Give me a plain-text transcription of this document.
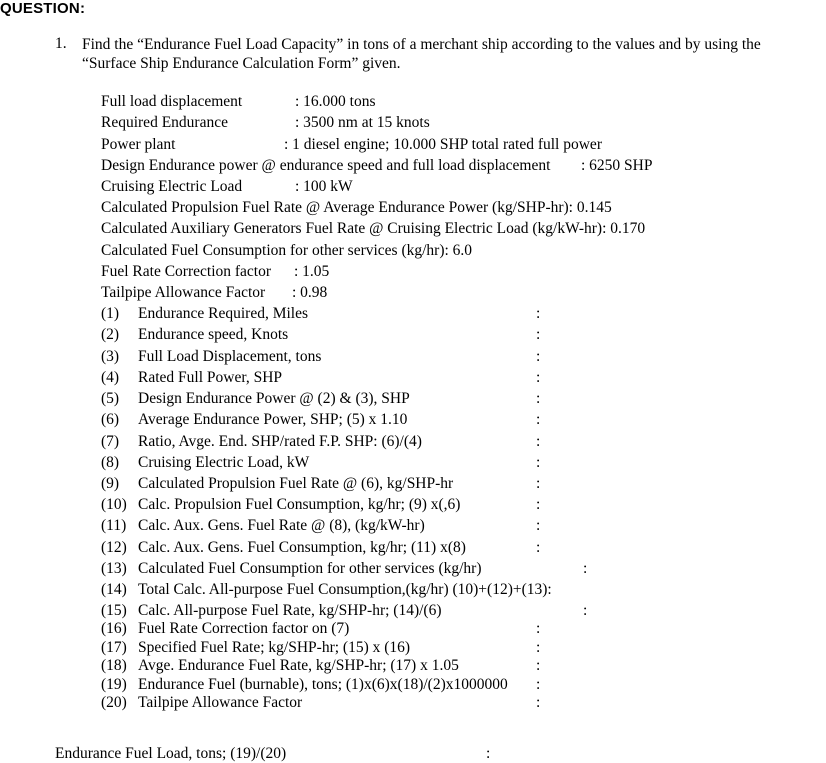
QUESTION:
1. Find the “Endurance Fuel Load Capacity” in tons of a merchant ship according to the values and by using the “Surface Ship Endurance Calculation Form” given.
Full load displacement	: 16.000 tons
Required Endurance	: 3500 nm at 15 knots
Power plant	: 1 diesel engine; 10.000 SHP total rated full power
Design Endurance power @ endurance speed and full load displacement : 6250 SHP
Cruising Electric Load	: 100 kW
Calculated Propulsion Fuel Rate @ Average Endurance Power (kg/SHP-hr): 0.145
Calculated Auxiliary Generators Fuel Rate @ Cruising Electric Load (kg/kW-hr): 0.170
Calculated Fuel Consumption for other services (kg/hr): 6.0
Fuel Rate Correction factor : 1.05
Tailpipe Allowance Factor : 0.98
(1) Endurance Required, Miles	:
(2) Endurance speed, Knots	:
(3) Full Load Displacement, tons	:
(4) Rated Full Power, SHP	:
(5) Design Endurance Power @ (2) & (3), SHP	:
(6) Average Endurance Power, SHP; (5) x 1.10	:
(7) Ratio, Avge. End. SHP/rated F.P. SHP: (6)/(4)	:
(8) Cruising Electric Load, kW	:
(9) Calculated Propulsion Fuel Rate @ (6), kg/SHP-hr	:
(10) Calc. Propulsion Fuel Consumption, kg/hr; (9) x(,6)	:
(11) Calc. Aux. Gens. Fuel Rate @ (8), (kg/kW-hr)	:
(12) Calc. Aux. Gens. Fuel Consumption, kg/hr; (11) x(8)	:
(13) Calculated Fuel Consumption for other services (kg/hr)	:
(14) Total Calc. All-purpose Fuel Consumption,(kg/hr) (10)+(12)+(13):
(15) Calc. All-purpose Fuel Rate, kg/SHP-hr; (14)/(6)	:
(16) Fuel Rate Correction factor on (7)	:
(17) Specified Fuel Rate; kg/SHP-hr; (15) x (16)	:
(18) Avge. Endurance Fuel Rate, kg/SHP-hr; (17) x 1.05	:
(19) Endurance Fuel (burnable), tons; (1)x(6)x(18)/(2)x1000000 :
(20) Tailpipe Allowance Factor	:
Endurance Fuel Load, tons; (19)/(20)	:
